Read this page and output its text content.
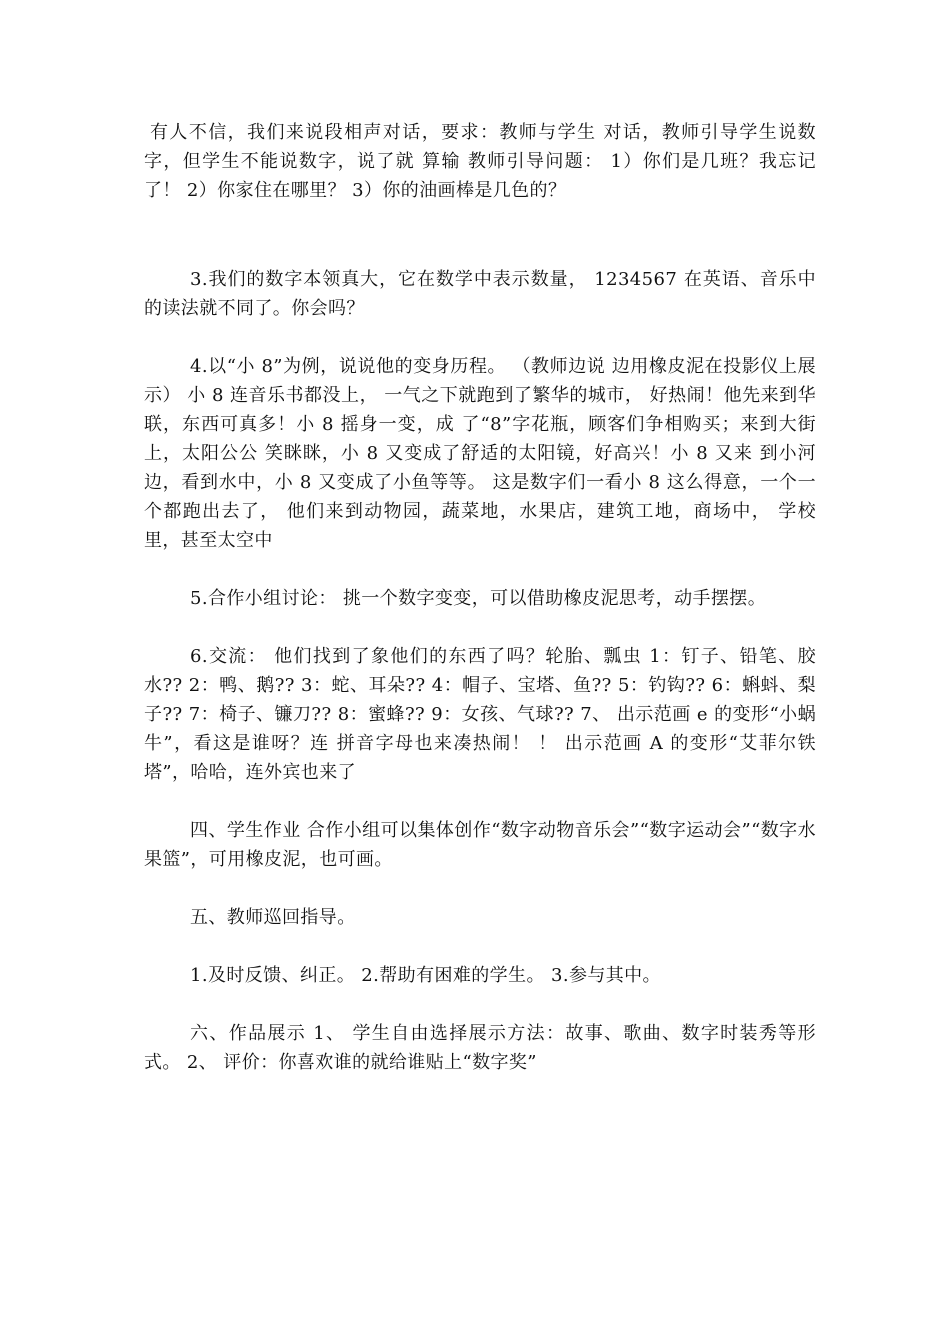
有人不信，我们来说段相声对话，要求：教师与学生 对话，教师引导学生说数字，但学生不能说数字，说了就 算输 教师引导问题： 1）你们是几班？我忘记了！ 2）你家住在哪里？ 3）你的油画棒是几色的？

3.我们的数字本领真大，它在数学中表示数量， 1234567 在英语、音乐中的读法就不同了。你会吗？

4.以“小 8”为例，说说他的变身历程。 （教师边说 边用橡皮泥在投影仪上展示） 小 8 连音乐书都没上， 一气之下就跑到了繁华的城市， 好热闹！他先来到华联，东西可真多！小 8 摇身一变，成 了“8”字花瓶，顾客们争相购买；来到大街上，太阳公公 笑眯眯，小 8 又变成了舒适的太阳镜，好高兴！小 8 又来 到小河边，看到水中，小 8 又变成了小鱼等等。 这是数字们一看小 8 这么得意，一个一个都跑出去了， 他们来到动物园，蔬菜地，水果店，建筑工地，商场中， 学校里，甚至太空中

5.合作小组讨论： 挑一个数字变变，可以借助橡皮泥思考，动手摆摆。

6.交流： 他们找到了象他们的东西了吗？轮胎、瓢虫 1：钉子、铅笔、胶水?? 2：鸭、鹅?? 3：蛇、耳朵?? 4：帽子、宝塔、鱼?? 5：钓钩?? 6：蝌蚪、梨子?? 7：椅子、镰刀?? 8：蜜蜂?? 9：女孩、气球?? 7、 出示范画 e 的变形“小蜗牛”，看这是谁呀？连 拼音字母也来凑热闹！ ！ 出示范画 A 的变形“艾菲尔铁塔”，哈哈，连外宾也来了

四、学生作业 合作小组可以集体创作“数字动物音乐会”“数字运动会”“数字水果篮”，可用橡皮泥，也可画。

五、教师巡回指导。

1.及时反馈、纠正。 2.帮助有困难的学生。 3.参与其中。

六、作品展示 1、 学生自由选择展示方法：故事、歌曲、数字时装秀等形式。 2、 评价：你喜欢谁的就给谁贴上“数字奖”
